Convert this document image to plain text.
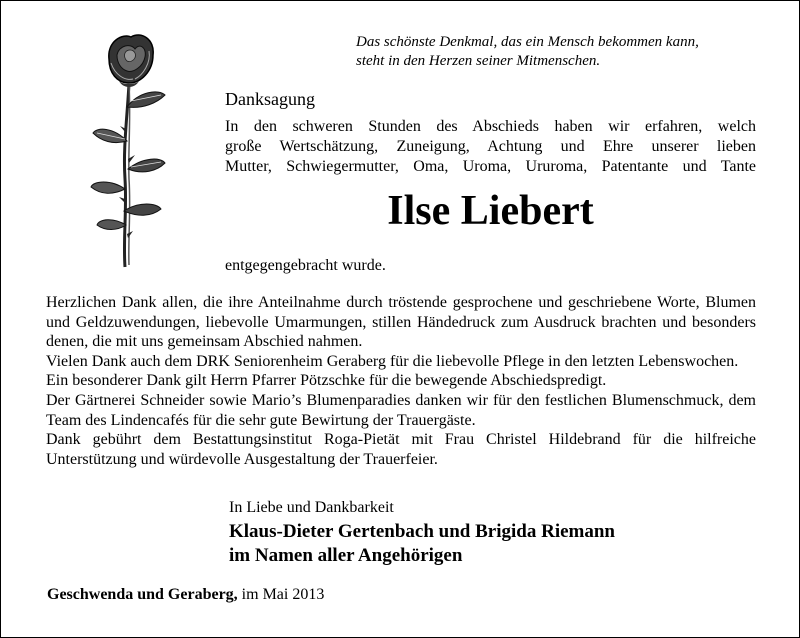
Das schönste Denkmal, das ein Mensch bekommen kann,
steht in den Herzen seiner Mitmenschen.
Danksagung
In den schweren Stunden des Abschieds haben wir erfahren, welch
große Wertschätzung, Zuneigung, Achtung und Ehre unserer lieben
Mutter, Schwiegermutter, Oma, Uroma, Ururoma, Patentante und Tante
Ilse Liebert
entgegengebracht wurde.

Herzlichen Dank allen, die ihre Anteilnahme durch tröstende gesprochene und geschriebene Worte, Blumen und Geldzuwendungen, liebevolle Umarmungen, stillen Händedruck zum Ausdruck brachten und besonders denen, die mit uns gemeinsam Abschied nahmen.

Vielen Dank auch dem DRK Seniorenheim Geraberg für die liebevolle Pflege in den letzten Lebenswochen.

Ein besonderer Dank gilt Herrn Pfarrer Pötzschke für die bewegende Abschiedspredigt.

Der Gärtnerei Schneider sowie Mario’s Blumenparadies danken wir für den festlichen Blumenschmuck, dem Team des Lindencafés für die sehr gute Bewirtung der Trauergäste.

Dank gebührt dem Bestattungsinstitut Roga-Pietät mit Frau Christel Hildebrand für die hilfreiche Unterstützung und würdevolle Ausgestaltung der Trauerfeier.

In Liebe und Dankbarkeit
Klaus-Dieter Gertenbach und Brigida Riemann
im Namen aller Angehörigen
Geschwenda und Geraberg, im Mai 2013
